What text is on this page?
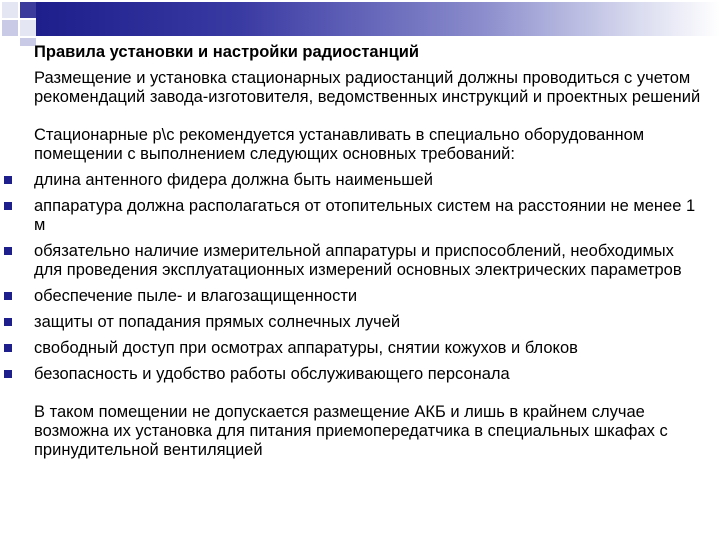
Правила установки и настройки радиостанций

Размещение и установка стационарных радиостанций должны проводиться с учетом рекомендаций завода-изготовителя, ведомственных инструкций и проектных решений

Стационарные р\с рекомендуется устанавливать в специально оборудованном помещении с выполнением следующих основных требований:

длина антенного фидера должна быть наименьшей
аппаратура должна располагаться от отопительных систем на расстоянии не менее 1 м
обязательно наличие измерительной аппаратуры и приспособлений, необходимых для проведения эксплуатационных измерений основных электрических параметров
обеспечение пыле- и влагозащищенности
защиты от попадания прямых солнечных лучей
свободный доступ при осмотрах аппаратуры, снятии кожухов и блоков
безопасность и удобство работы обслуживающего персонала

В таком помещении не допускается размещение АКБ и лишь в крайнем случае возможна их установка для питания приемопередатчика в специальных шкафах с принудительной вентиляцией
